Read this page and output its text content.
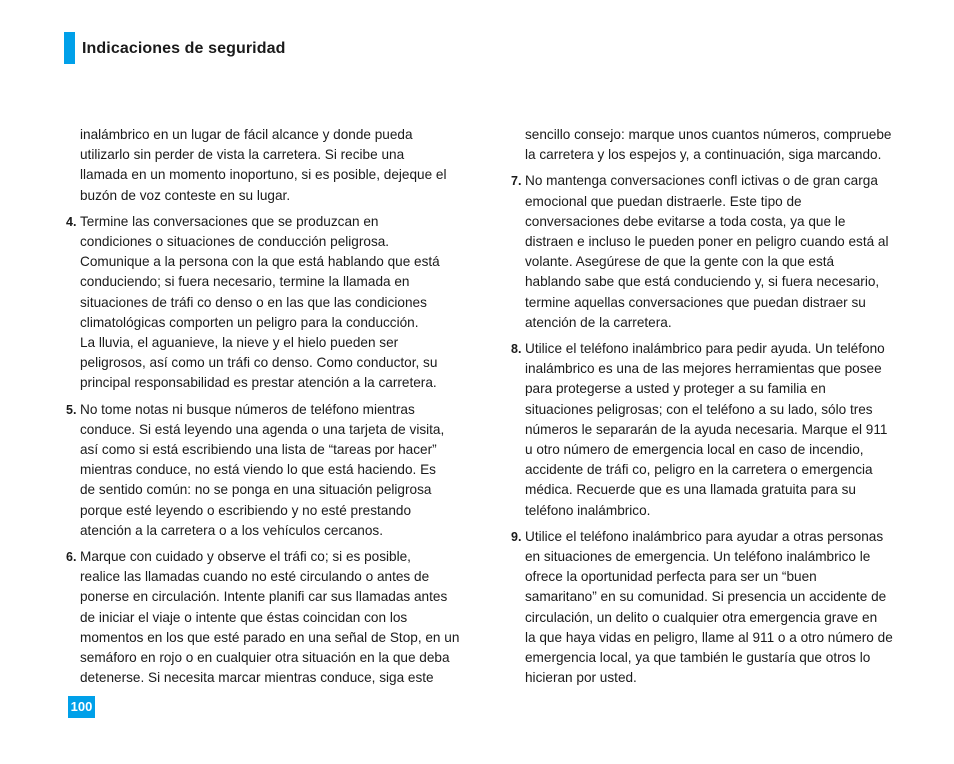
Indicaciones de seguridad
inalámbrico en un lugar de fácil alcance y donde pueda
utilizarlo sin perder de vista la carretera. Si recibe una
llamada en un momento inoportuno, si es posible, dejeque el
buzón de voz conteste en su lugar.
4. Termine las conversaciones que se produzcan en
condiciones o situaciones de conducción peligrosa.
Comunique a la persona con la que está hablando que está
conduciendo; si fuera necesario, termine la llamada en
situaciones de tráfi co denso o en las que las condiciones
climatológicas comporten un peligro para la conducción.
La lluvia, el aguanieve, la nieve y el hielo pueden ser
peligrosos, así como un tráfi co denso. Como conductor, su
principal responsabilidad es prestar atención a la carretera.
5. No tome notas ni busque números de teléfono mientras
conduce. Si está leyendo una agenda o una tarjeta de visita,
así como si está escribiendo una lista de “tareas por hacer”
mientras conduce, no está viendo lo que está haciendo. Es
de sentido común: no se ponga en una situación peligrosa
porque esté leyendo o escribiendo y no esté prestando
atención a la carretera o a los vehículos cercanos.
6. Marque con cuidado y observe el tráfi co; si es posible,
realice las llamadas cuando no esté circulando o antes de
ponerse en circulación. Intente planifi car sus llamadas antes
de iniciar el viaje o intente que éstas coincidan con los
momentos en los que esté parado en una señal de Stop, en un
semáforo en rojo o en cualquier otra situación en la que deba
detenerse. Si necesita marcar mientras conduce, siga este
sencillo consejo: marque unos cuantos números, compruebe
la carretera y los espejos y, a continuación, siga marcando.
7. No mantenga conversaciones confl ictivas o de gran carga
emocional que puedan distraerle. Este tipo de
conversaciones debe evitarse a toda costa, ya que le
distraen e incluso le pueden poner en peligro cuando está al
volante. Asegúrese de que la gente con la que está
hablando sabe que está conduciendo y, si fuera necesario,
termine aquellas conversaciones que puedan distraer su
atención de la carretera.
8. Utilice el teléfono inalámbrico para pedir ayuda. Un teléfono
inalámbrico es una de las mejores herramientas que posee
para protegerse a usted y proteger a su familia en
situaciones peligrosas; con el teléfono a su lado, sólo tres
números le separarán de la ayuda necesaria. Marque el 911
u otro número de emergencia local en caso de incendio,
accidente de tráfi co, peligro en la carretera o emergencia
médica. Recuerde que es una llamada gratuita para su
teléfono inalámbrico.
9. Utilice el teléfono inalámbrico para ayudar a otras personas
en situaciones de emergencia. Un teléfono inalámbrico le
ofrece la oportunidad perfecta para ser un “buen
samaritano” en su comunidad. Si presencia un accidente de
circulación, un delito o cualquier otra emergencia grave en
la que haya vidas en peligro, llame al 911 o a otro número de
emergencia local, ya que también le gustaría que otros lo
hicieran por usted.
100
